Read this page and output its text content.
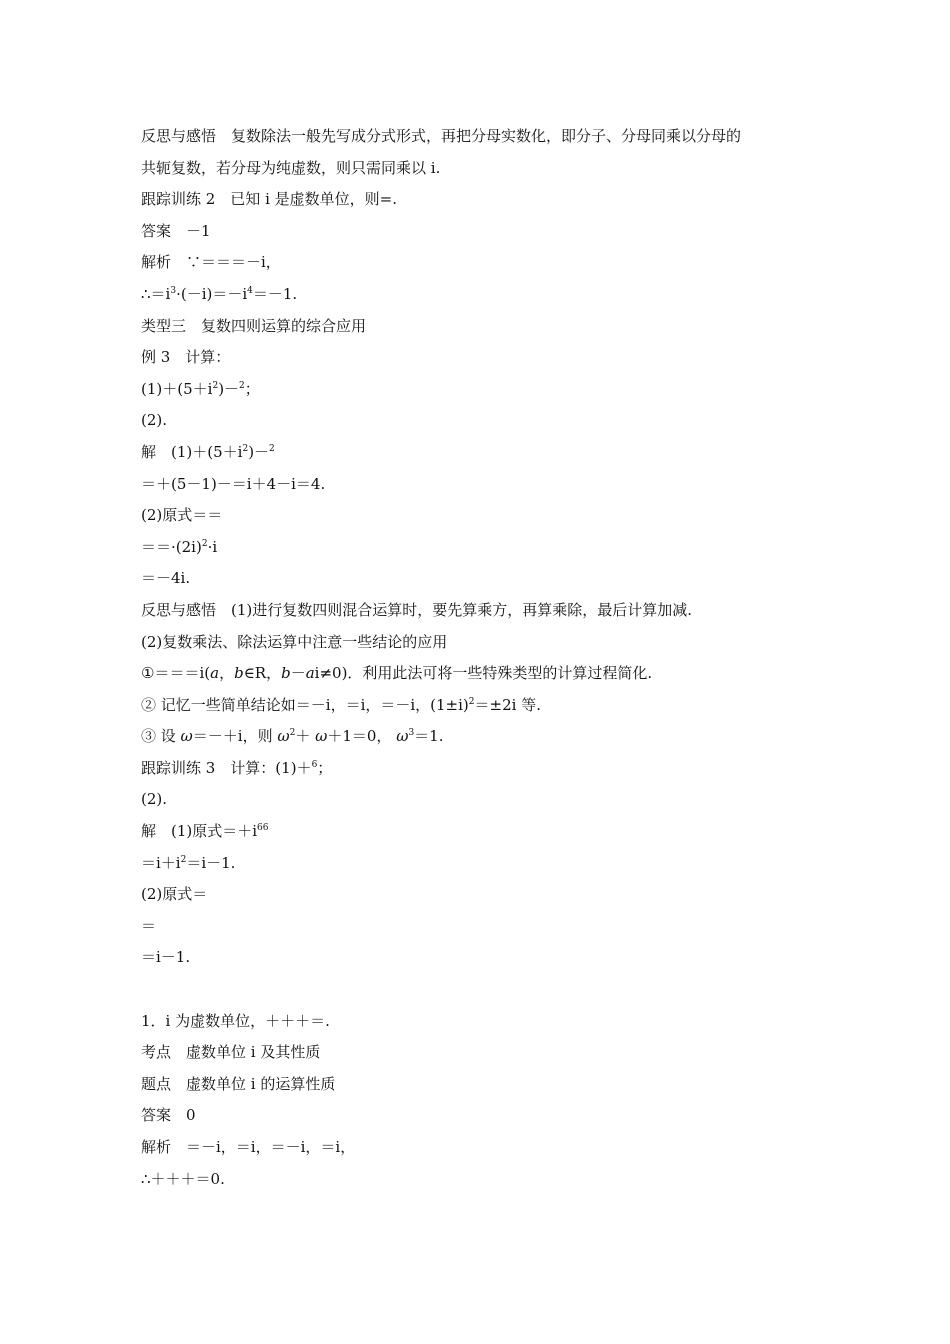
反思与感悟　复数除法一般先写成分式形式，再把分母实数化，即分子、分母同乘以分母的
共轭复数，若分母为纯虚数，则只需同乘以 i.
跟踪训练 2　已知 i 是虚数单位，则=.
答案　－1
解析　∵＝＝＝－i，
$\therefore=i^3\cdot(-i)=-i^4=-1$.
类型三　复数四则运算的综合应用
例 3　计算：
$(1)+(5+i^2)-^2$；
(2).
解　$(1)+(5+i^2)-^2$
＝＋(5－1)－＝i＋4－i＝4.
(2)原式＝＝
$==\cdot(2i)^2\cdot i$
＝－4i.
反思与感悟　(1)进行复数四则混合运算时，要先算乘方，再算乘除，最后计算加减.
(2)复数乘法、除法运算中注意一些结论的应用
①＝＝＝i(a，b∈R，b－ai≠0)．利用此法可将一些特殊类型的计算过程简化.
② 记忆一些简单结论如＝－i，＝i，＝－i，$(1\pm i)^2=\pm 2i$ 等.
③ 设 ω＝－＋i，则 $\omega^2+ \omega+1=0$， $\omega^3=1$.
跟踪训练 3　计算：(1)＋$^6$；
(2).
解　(1)原式$=+i^{66}$
$=i+i^2=i-1$.
(2)原式＝
＝
＝i－1.
1．i 为虚数单位，＋＋＋＝.
考点　虚数单位 i 及其性质
题点　虚数单位 i 的运算性质
答案　0
解析　＝－i，＝i，＝－i，＝i，
∴＋＋＋＝0.
